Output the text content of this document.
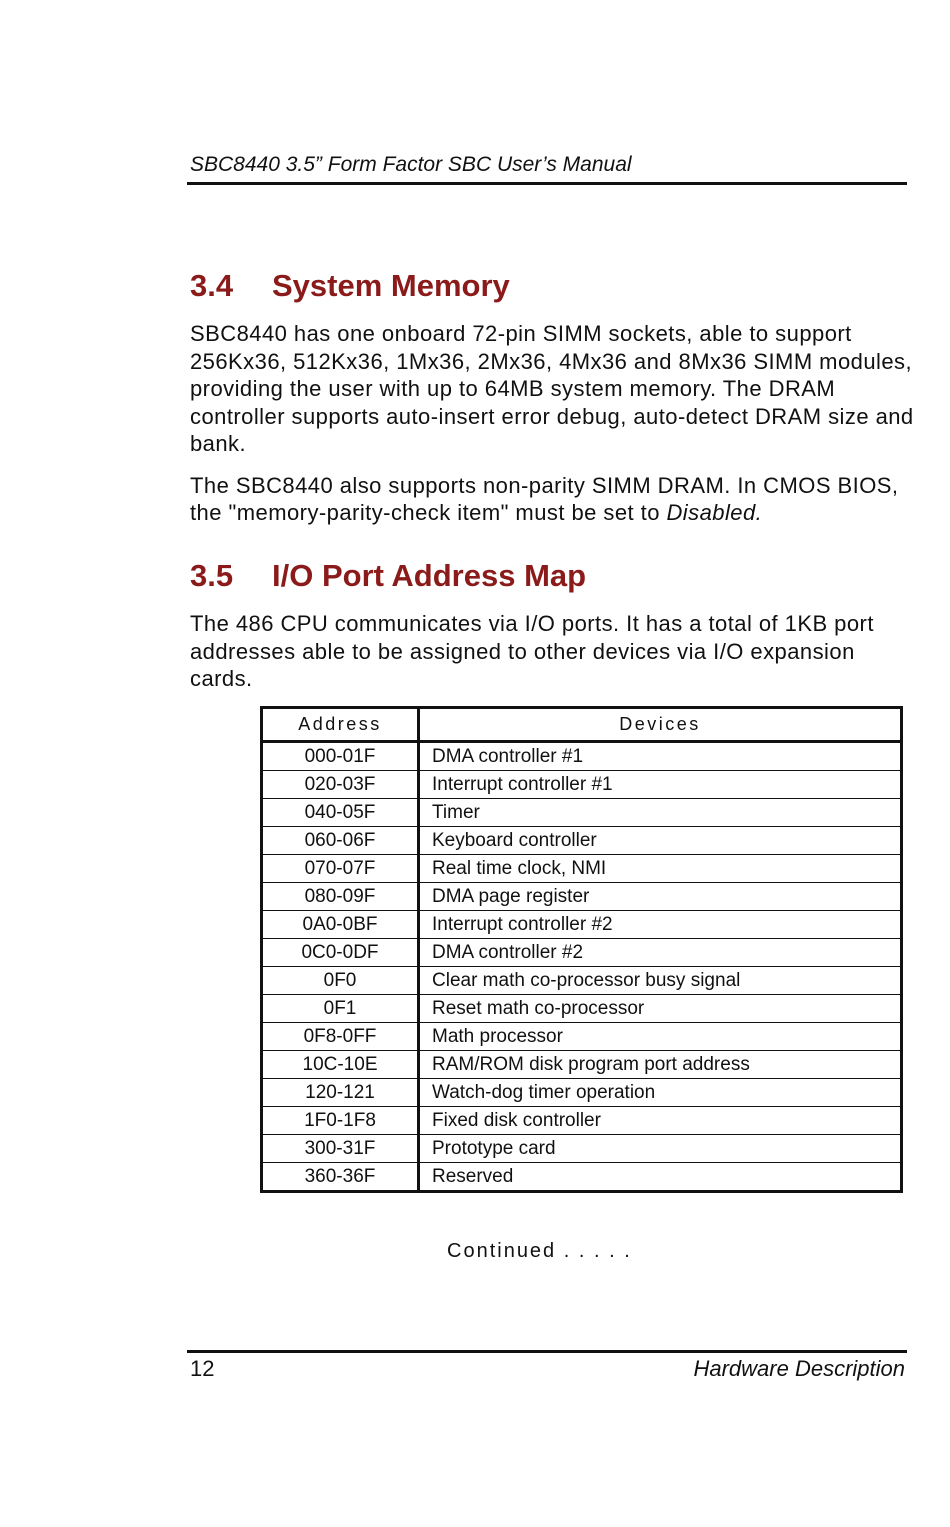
SBC8440 3.5” Form Factor SBC User’s Manual
3.4 System Memory

SBC8440 has one onboard 72-pin SIMM sockets, able to support 256Kx36, 512Kx36, 1Mx36, 2Mx36, 4Mx36 and 8Mx36 SIMM modules, providing the user with up to 64MB system memory. The DRAM controller supports auto-insert error debug, auto-detect DRAM size and bank.

The SBC8440 also supports non-parity SIMM DRAM. In CMOS BIOS, the "memory-parity-check item" must be set to Disabled.

3.5 I/O Port Address Map

The 486 CPU communicates via I/O ports. It has a total of 1KB port addresses able to be assigned to other devices via I/O expansion cards.

Address	Devices
000-01F	DMA controller #1
020-03F	Interrupt controller #1
040-05F	Timer
060-06F	Keyboard controller
070-07F	Real time clock, NMI
080-09F	DMA page register
0A0-0BF	Interrupt controller #2
0C0-0DF	DMA controller #2
0F0	Clear math co-processor busy signal
0F1	Reset math co-processor
0F8-0FF	Math processor
10C-10E	RAM/ROM disk program port address
120-121	Watch-dog timer operation
1F0-1F8	Fixed disk controller
300-31F	Prototype card
360-36F	Reserved
Continued . . . . .
12	Hardware Description
